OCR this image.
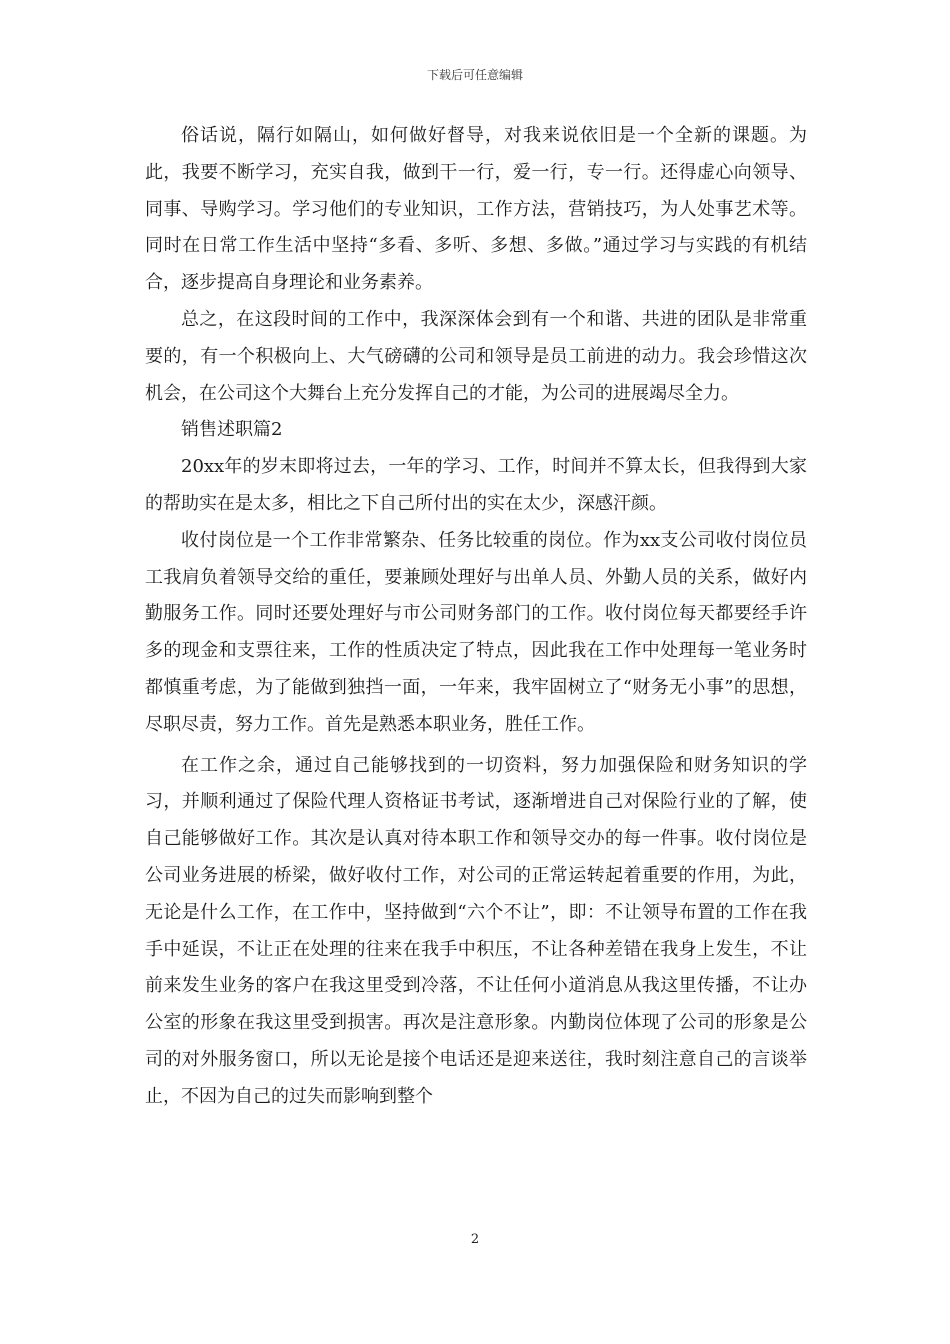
下载后可任意编辑

俗话说，隔行如隔山，如何做好督导，对我来说依旧是一个全新的课题。为此，我要不断学习，充实自我，做到干一行，爱一行，专一行。还得虚心向领导、同事、导购学习。学习他们的专业知识，工作方法，营销技巧，为人处事艺术等。同时在日常工作生活中坚持“多看、多听、多想、多做。”通过学习与实践的有机结合，逐步提高自身理论和业务素养。

总之，在这段时间的工作中，我深深体会到有一个和谐、共进的团队是非常重要的，有一个积极向上、大气磅礴的公司和领导是员工前进的动力。我会珍惜这次机会，在公司这个大舞台上充分发挥自己的才能，为公司的进展竭尽全力。

销售述职篇2

20xx年的岁末即将过去，一年的学习、工作，时间并不算太长，但我得到大家的帮助实在是太多，相比之下自己所付出的实在太少，深感汗颜。

收付岗位是一个工作非常繁杂、任务比较重的岗位。作为xx支公司收付岗位员工我肩负着领导交给的重任，要兼顾处理好与出单人员、外勤人员的关系，做好内勤服务工作。同时还要处理好与市公司财务部门的工作。收付岗位每天都要经手许多的现金和支票往来，工作的性质决定了特点，因此我在工作中处理每一笔业务时都慎重考虑，为了能做到独挡一面，一年来，我牢固树立了“财务无小事”的思想，尽职尽责，努力工作。首先是熟悉本职业务，胜任工作。

在工作之余，通过自己能够找到的一切资料，努力加强保险和财务知识的学习，并顺利通过了保险代理人资格证书考试，逐渐增进自己对保险行业的了解，使自己能够做好工作。其次是认真对待本职工作和领导交办的每一件事。收付岗位是公司业务进展的桥梁，做好收付工作，对公司的正常运转起着重要的作用，为此，无论是什么工作，在工作中，坚持做到“六个不让”，即：不让领导布置的工作在我手中延误，不让正在处理的往来在我手中积压，不让各种差错在我身上发生，不让前来发生业务的客户在我这里受到冷落，不让任何小道消息从我这里传播，不让办公室的形象在我这里受到损害。再次是注意形象。内勤岗位体现了公司的形象是公司的对外服务窗口，所以无论是接个电话还是迎来送往，我时刻注意自己的言谈举止，不因为自己的过失而影响到整个

2
